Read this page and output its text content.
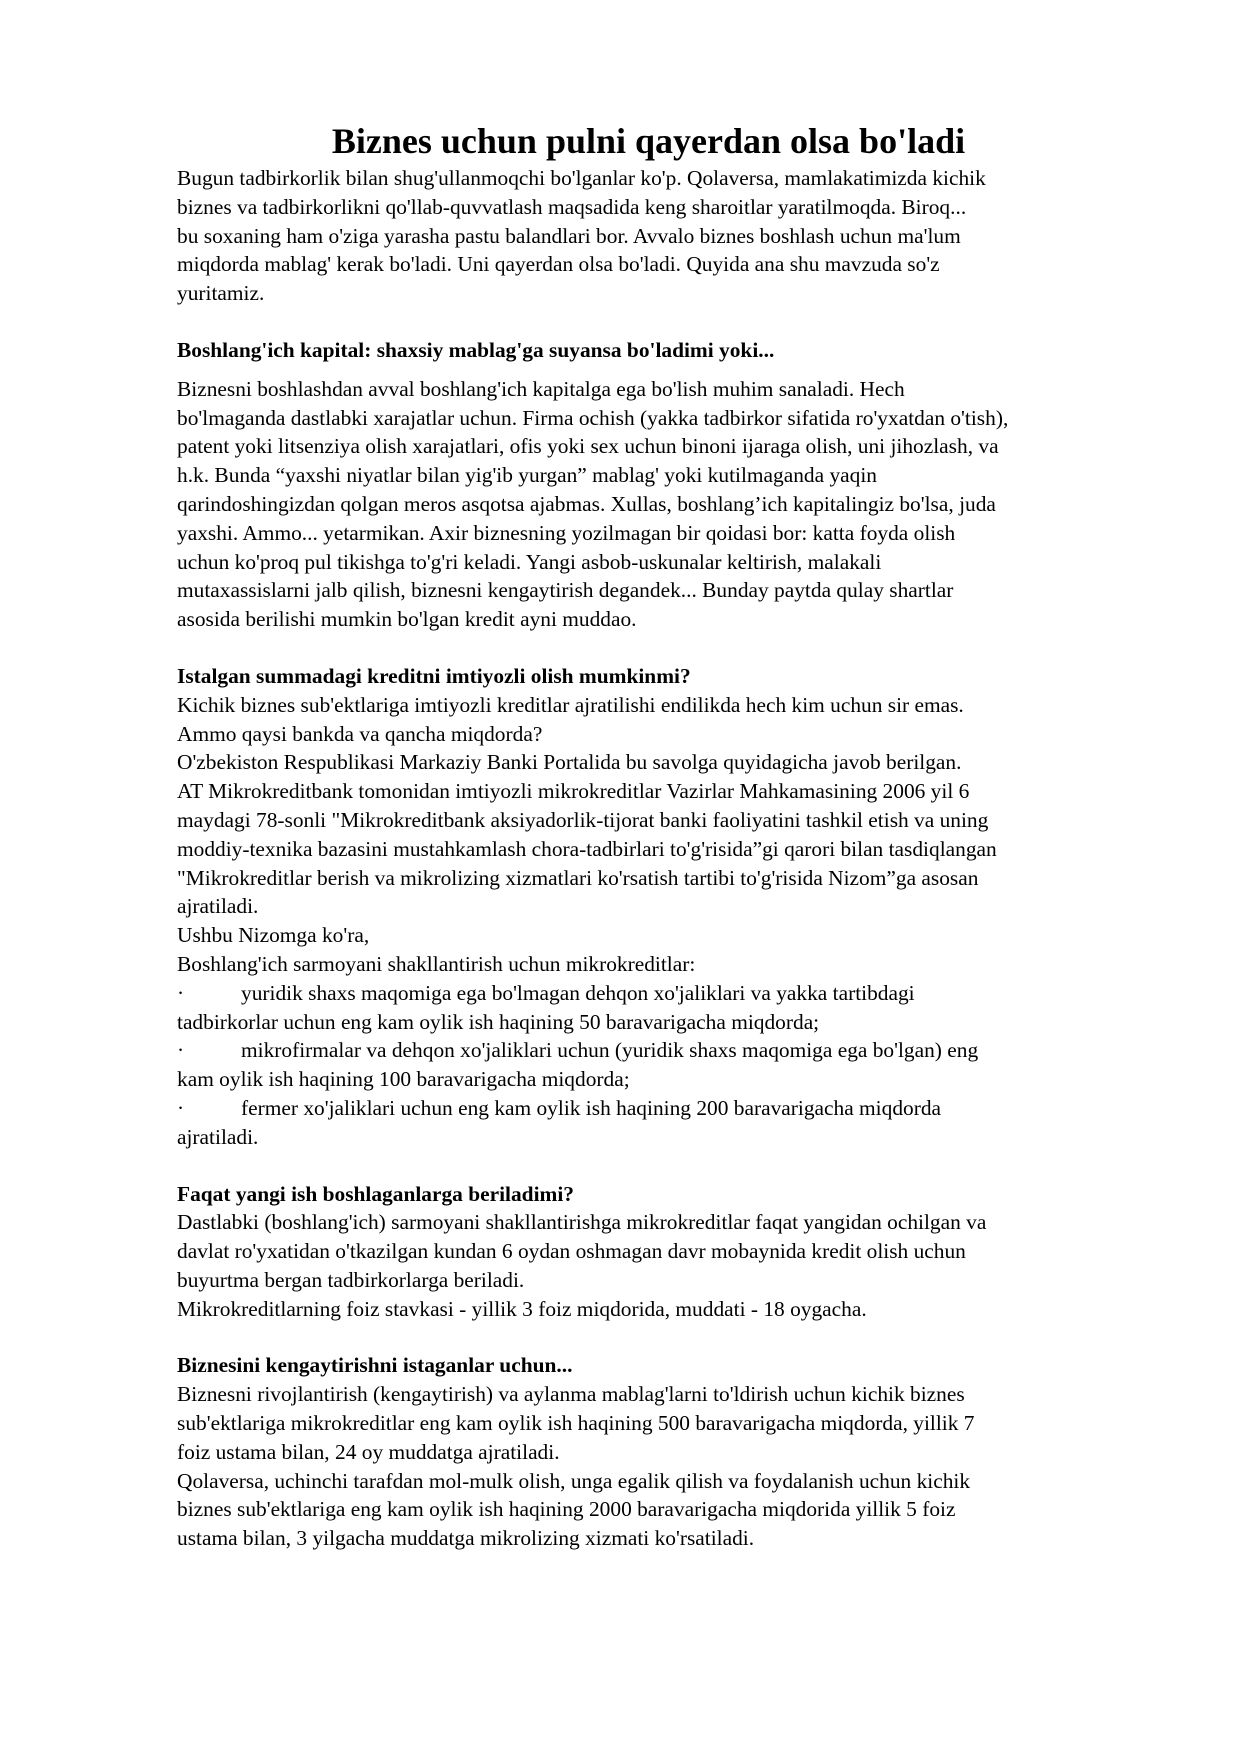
Biznes uchun pulni qayerdan olsa bo'ladi
Bugun tadbirkorlik bilan shug'ullanmoqchi bo'lganlar ko'p. Qolaversa, mamlakatimizda kichik
biznes va tadbirkorlikni qo'llab-quvvatlash maqsadida keng sharoitlar yaratilmoqda. Biroq...
bu soxaning ham o'ziga yarasha pastu balandlari bor. Avvalo biznes boshlash uchun ma'lum
miqdorda mablag' kerak bo'ladi. Uni qayerdan olsa bo'ladi. Quyida ana shu mavzuda so'z
yuritamiz.
Boshlang'ich kapital: shaxsiy mablag'ga suyansa bo'ladimi yoki...
Biznesni boshlashdan avval boshlang'ich kapitalga ega bo'lish muhim sanaladi. Hech
bo'lmaganda dastlabki xarajatlar uchun. Firma ochish (yakka tadbirkor sifatida ro'yxatdan o'tish),
patent yoki litsenziya olish xarajatlari, ofis yoki sex uchun binoni ijaraga olish, uni jihozlash, va
h.k. Bunda “yaxshi niyatlar bilan yig'ib yurgan” mablag' yoki kutilmaganda yaqin
qarindoshingizdan qolgan meros asqotsa ajabmas. Xullas, boshlang’ich kapitalingiz bo'lsa, juda
yaxshi. Ammo... yetarmikan. Axir biznesning yozilmagan bir qoidasi bor: katta foyda olish
uchun ko'proq pul tikishga to'g'ri keladi. Yangi asbob-uskunalar keltirish, malakali
mutaxassislarni jalb qilish, biznesni kengaytirish degandek... Bunday paytda qulay shartlar
asosida berilishi mumkin bo'lgan kredit ayni muddao.
Istalgan summadagi kreditni imtiyozli olish mumkinmi?
Kichik biznes sub'ektlariga imtiyozli kreditlar ajratilishi endilikda hech kim uchun sir emas.
Ammo qaysi bankda va qancha miqdorda?
O'zbekiston Respublikasi Markaziy Banki Portalida bu savolga quyidagicha javob berilgan.
AT Mikrokreditbank tomonidan imtiyozli mikrokreditlar Vazirlar Mahkamasining 2006 yil 6
maydagi 78-sonli "Mikrokreditbank aksiyadorlik-tijorat banki faoliyatini tashkil etish va uning
moddiy-texnika bazasini mustahkamlash chora-tadbirlari to'g'risida”gi qarori bilan tasdiqlangan
"Mikrokreditlar berish va mikrolizing xizmatlari ko'rsatish tartibi to'g'risida Nizom”ga asosan
ajratiladi.
Ushbu Nizomga ko'ra,
Boshlang'ich sarmoyani shakllantirish uchun mikrokreditlar:
·	yuridik shaxs maqomiga ega bo'lmagan dehqon xo'jaliklari va yakka tartibdagi
tadbirkorlar uchun eng kam oylik ish haqining 50 baravarigacha miqdorda;
·	mikrofirmalar va dehqon xo'jaliklari uchun (yuridik shaxs maqomiga ega bo'lgan) eng
kam oylik ish haqining 100 baravarigacha miqdorda;
·	fermer xo'jaliklari uchun eng kam oylik ish haqining 200 baravarigacha miqdorda
ajratiladi.
Faqat yangi ish boshlaganlarga beriladimi?
Dastlabki (boshlang'ich) sarmoyani shakllantirishga mikrokreditlar faqat yangidan ochilgan va
davlat ro'yxatidan o'tkazilgan kundan 6 oydan oshmagan davr mobaynida kredit olish uchun
buyurtma bergan tadbirkorlarga beriladi.
Mikrokreditlarning foiz stavkasi - yillik 3 foiz miqdorida, muddati - 18 oygacha.
Biznesini kengaytirishni istaganlar uchun...
Biznesni rivojlantirish (kengaytirish) va aylanma mablag'larni to'ldirish uchun kichik biznes
sub'ektlariga mikrokreditlar eng kam oylik ish haqining 500 baravarigacha miqdorda, yillik 7
foiz ustama bilan, 24 oy muddatga ajratiladi.
Qolaversa, uchinchi tarafdan mol-mulk olish, unga egalik qilish va foydalanish uchun kichik
biznes sub'ektlariga eng kam oylik ish haqining 2000 baravarigacha miqdorida yillik 5 foiz
ustama bilan, 3 yilgacha muddatga mikrolizing xizmati ko'rsatiladi.
